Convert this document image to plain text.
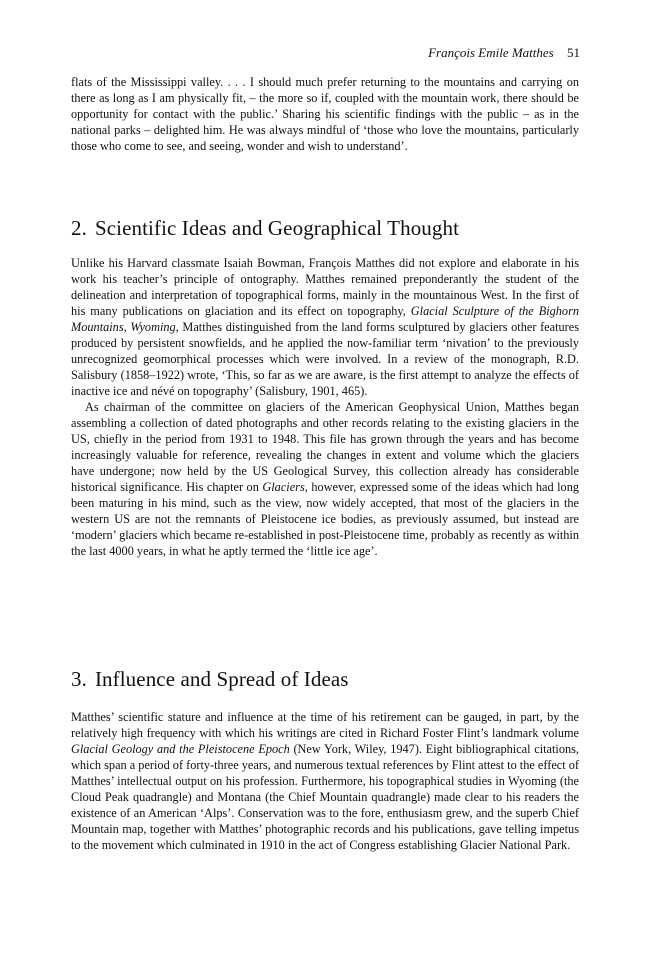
François Emile Matthes 51

flats of the Mississippi valley. . . . I should much prefer returning to the mountains and carrying on there as long as I am physically fit, – the more so if, coupled with the mountain work, there should be opportunity for contact with the public.’ Sharing his scientific findings with the public – as in the national parks – delighted him. He was always mindful of ‘those who love the mountains, particularly those who come to see, and seeing, wonder and wish to understand’.

2. Scientific Ideas and Geographical Thought

Unlike his Harvard classmate Isaiah Bowman, François Matthes did not explore and elaborate in his work his teacher’s principle of ontography. Matthes remained preponderantly the student of the delineation and interpretation of topographical forms, mainly in the mountainous West. In the first of his many publications on glaciation and its effect on topography, Glacial Sculpture of the Bighorn Mountains, Wyoming, Matthes distinguished from the land forms sculptured by glaciers other features produced by persistent snowfields, and he applied the now-familiar term ‘nivation’ to the previously unrecognized geomorphical processes which were involved. In a review of the monograph, R.D. Salisbury (1858–1922) wrote, ‘This, so far as we are aware, is the first attempt to analyze the effects of inactive ice and névé on topography’ (Salisbury, 1901, 465).

As chairman of the committee on glaciers of the American Geophysical Union, Matthes began assembling a collection of dated photographs and other records relating to the existing glaciers in the US, chiefly in the period from 1931 to 1948. This file has grown through the years and has become increasingly valuable for reference, revealing the changes in extent and volume which the glaciers have undergone; now held by the US Geological Survey, this collection already has considerable historical significance. His chapter on Glaciers, however, expressed some of the ideas which had long been maturing in his mind, such as the view, now widely accepted, that most of the glaciers in the western US are not the remnants of Pleistocene ice bodies, as previously assumed, but instead are ‘modern’ glaciers which became re-established in post-Pleistocene time, probably as recently as within the last 4000 years, in what he aptly termed the ‘little ice age’.

3. Influence and Spread of Ideas

Matthes’ scientific stature and influence at the time of his retirement can be gauged, in part, by the relatively high frequency with which his writings are cited in Richard Foster Flint’s landmark volume Glacial Geology and the Pleistocene Epoch (New York, Wiley, 1947). Eight bibliographical citations, which span a period of forty-three years, and numerous textual references by Flint attest to the effect of Matthes’ intellectual output on his profession. Furthermore, his topographical studies in Wyoming (the Cloud Peak quadrangle) and Montana (the Chief Mountain quadrangle) made clear to his readers the existence of an American ‘Alps’. Conservation was to the fore, enthusiasm grew, and the superb Chief Mountain map, together with Matthes’ photographic records and his publications, gave telling impetus to the movement which culminated in 1910 in the act of Congress establishing Glacier National Park.
